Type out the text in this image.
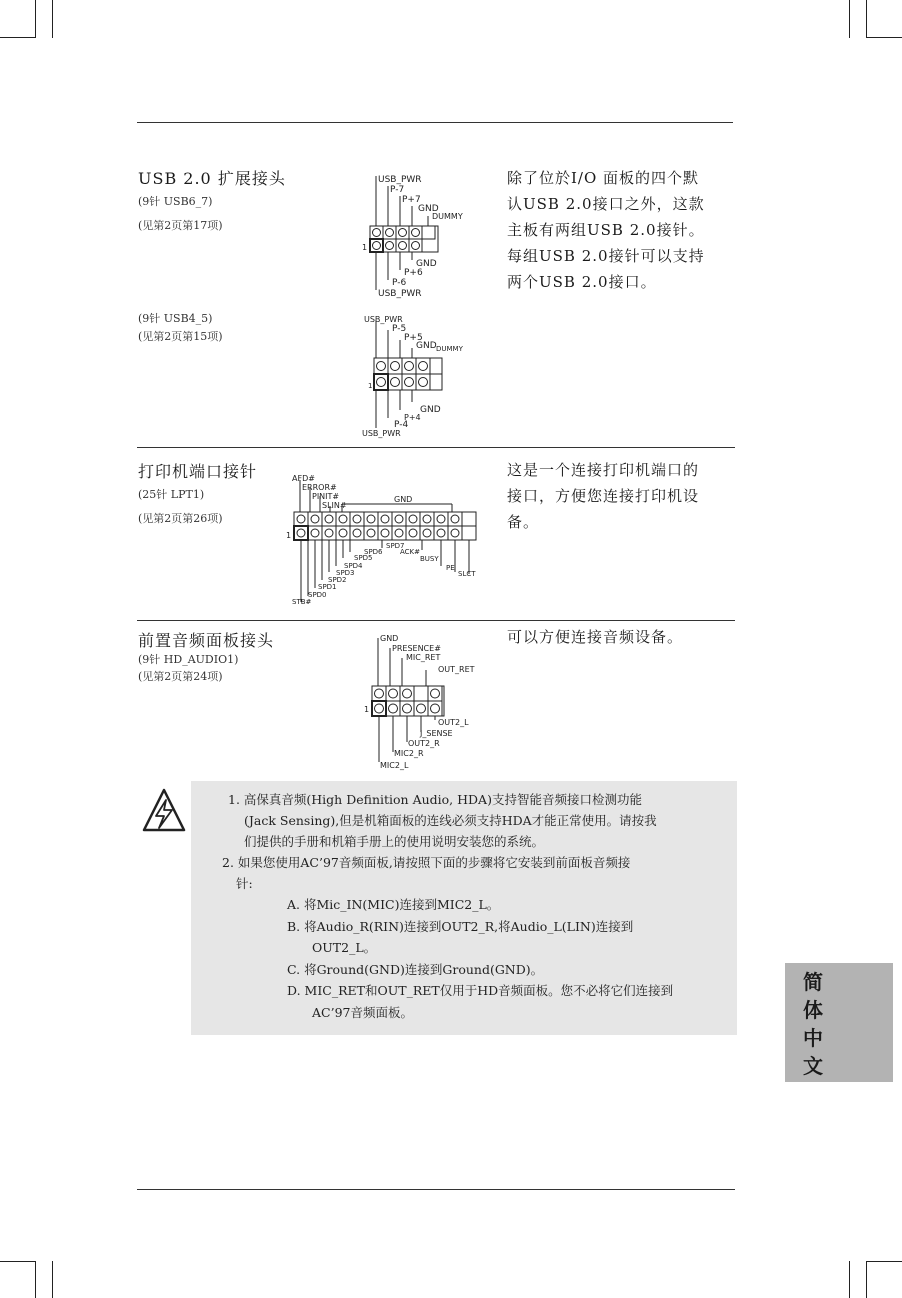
USB 2.0 扩展接头
(9针 USB6_7)
(见第2页第17项)
(9针 USB4_5)
(见第2页第15项)
除了位於I/O 面板的四个默
认USB 2.0接口之外，这款
主板有两组USB 2.0接针。
每组USB 2.0接针可以支持
两个USB 2.0接口。
USB_PWR
P-7
P+7
GND
DUMMY
GND
P+6
P-6
USB_PWR
1
USB_PWR
P-5
P+5
GND DUMMY
GND
P+4
P-4
USB_PWR
1
打印机端口接针
(25针 LPT1)
(见第2页第26项)
这是一个连接打印机端口的
接口，方便您连接打印机设
备。
AFD#
ERROR#
PINIT#
SLIN#
GND
SPD7
SPD6 ACK#
SPD5	BUSY
SPD4	PE
SPD3	SLCT
SPD2
SPD1
SPD0
STB#
1
前置音频面板接头
(9针 HD_AUDIO1)
(见第2页第24项)
可以方便连接音频设备。
GND
PRESENCE#
MIC_RET
OUT_RET
OUT2_L
J_SENSE
OUT2_R
MIC2_R
MIC2_L
1
1. 高保真音频(High Definition Audio, HDA)支持智能音频接口检测功能
(Jack Sensing),但是机箱面板的连线必须支持HDA才能正常使用。请按我
们提供的手册和机箱手册上的使用说明安装您的系统。
2. 如果您使用AC’97音频面板,请按照下面的步骤将它安装到前面板音频接
针:
A. 将Mic_IN(MIC)连接到MIC2_L。
B. 将Audio_R(RIN)连接到OUT2_R,将Audio_L(LIN)连接到
OUT2_L。
C. 将Ground(GND)连接到Ground(GND)。
D. MIC_RET和OUT_RET仅用于HD音频面板。您不必将它们连接到
AC’97音频面板。
简体中文
